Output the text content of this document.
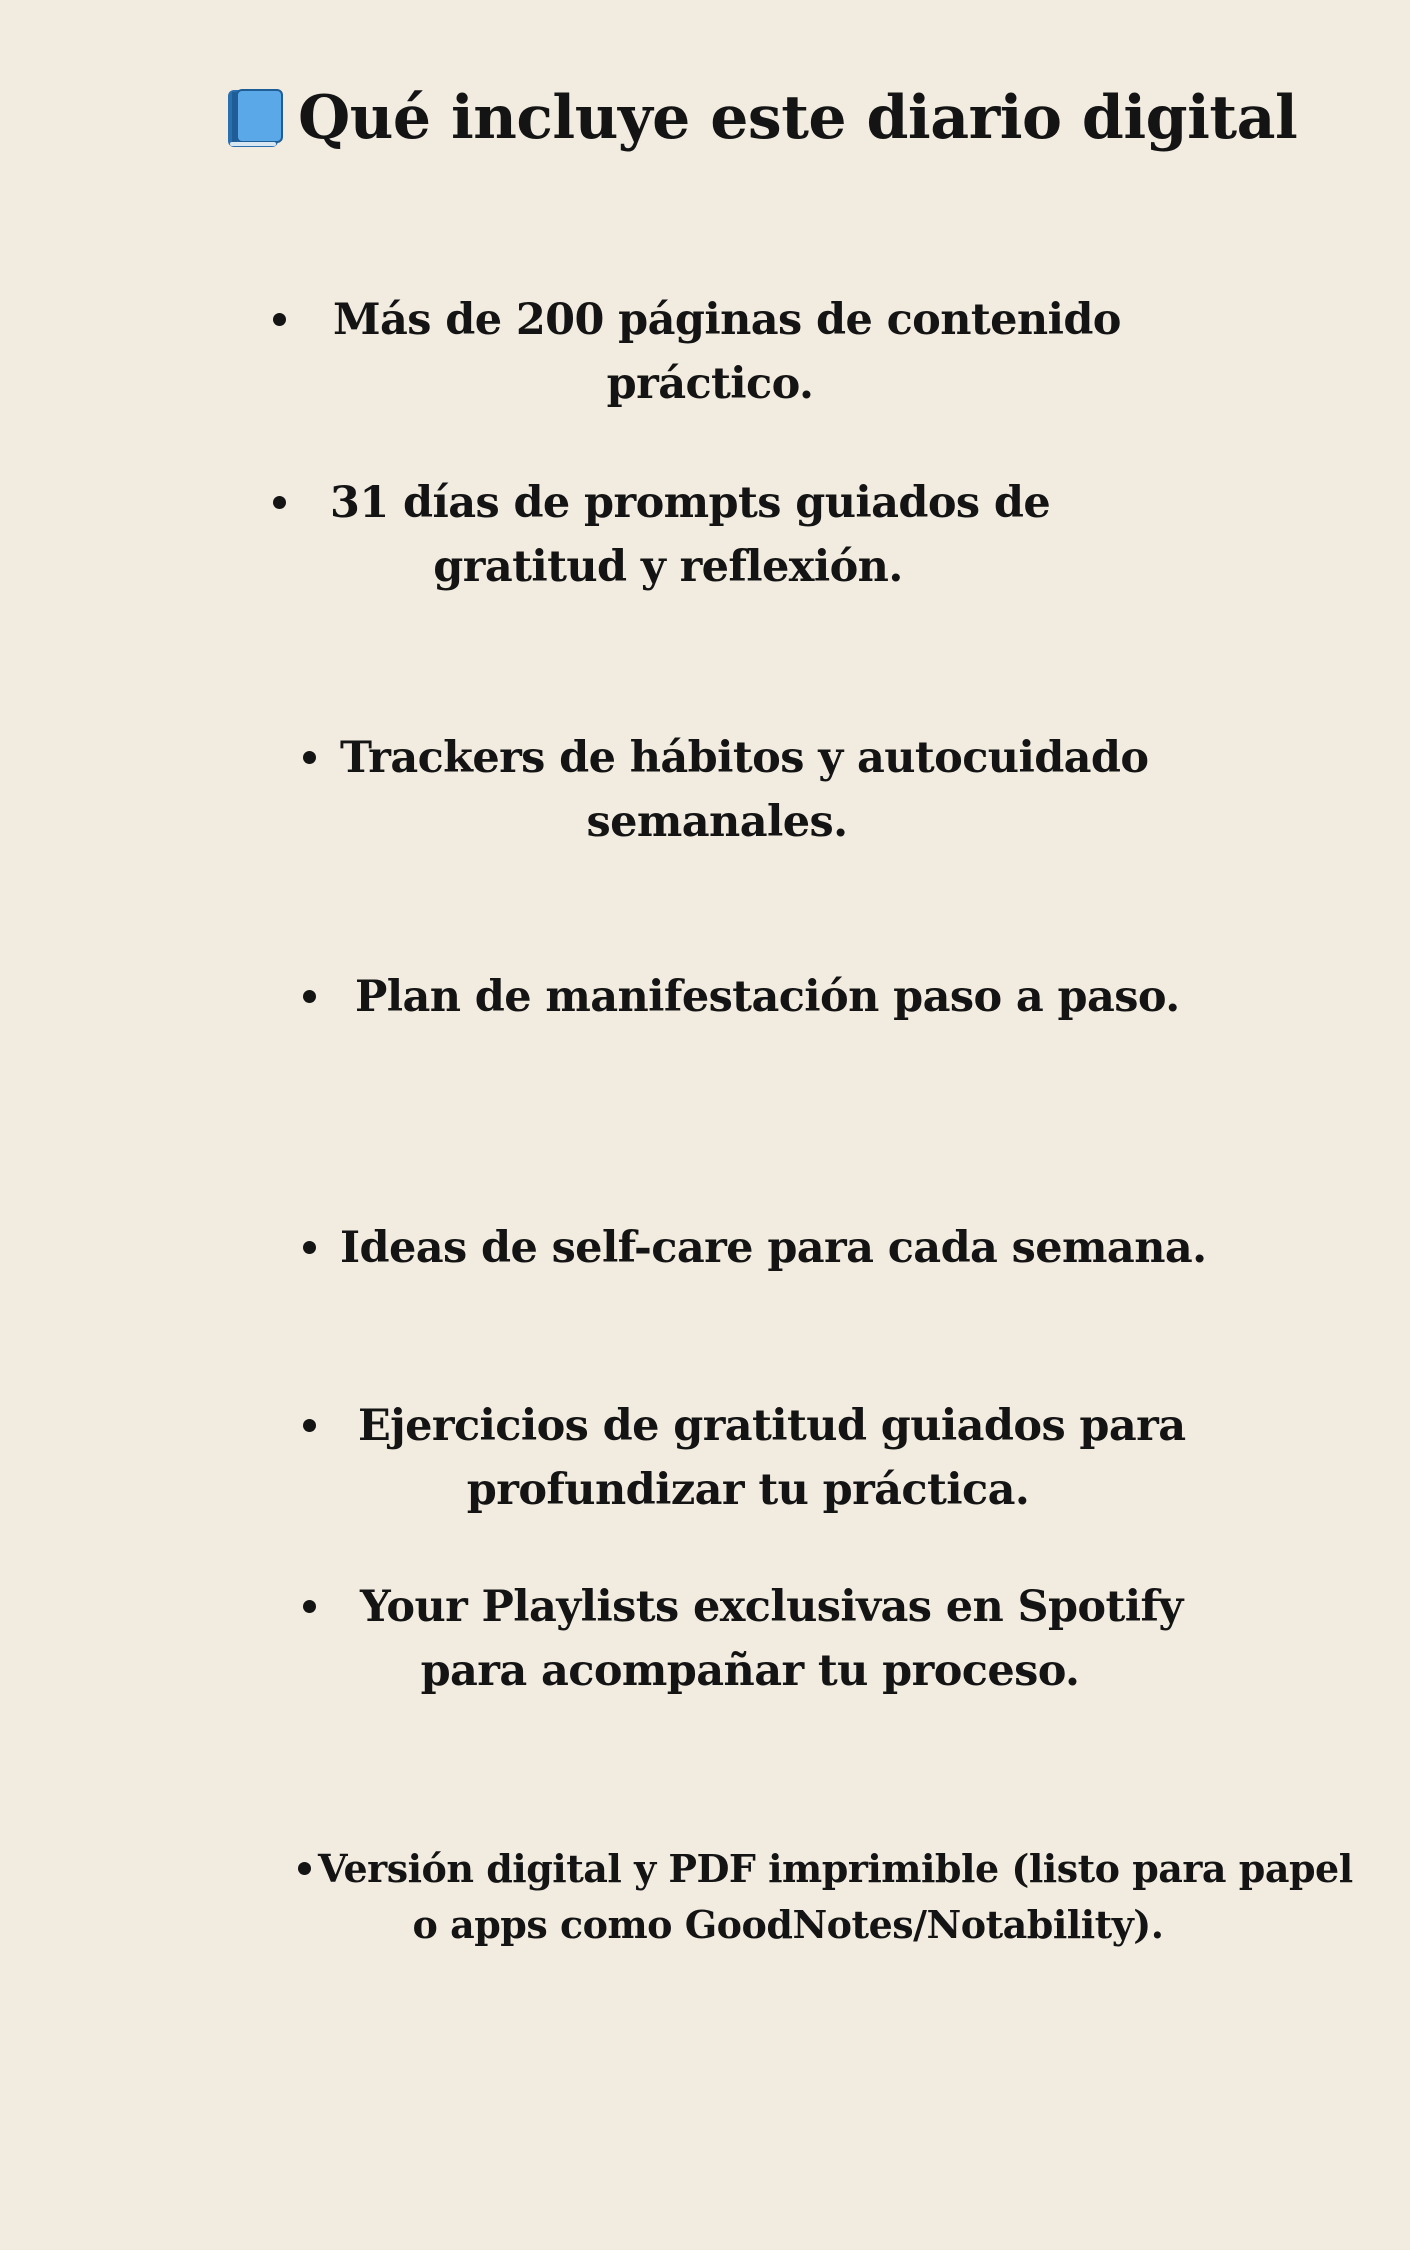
Qué incluye este diario digital
Más de 200 páginas de contenido
práctico.
31 días de prompts guiados de
gratitud y reflexión.
Trackers de hábitos y autocuidado
semanales.
Plan de manifestación paso a paso.
Ideas de self-care para cada semana.
Ejercicios de gratitud guiados para
profundizar tu práctica.
Your Playlists exclusivas en Spotify
para acompañar tu proceso.
Versión digital y PDF imprimible (listo para papel
o apps como GoodNotes/Notability).
